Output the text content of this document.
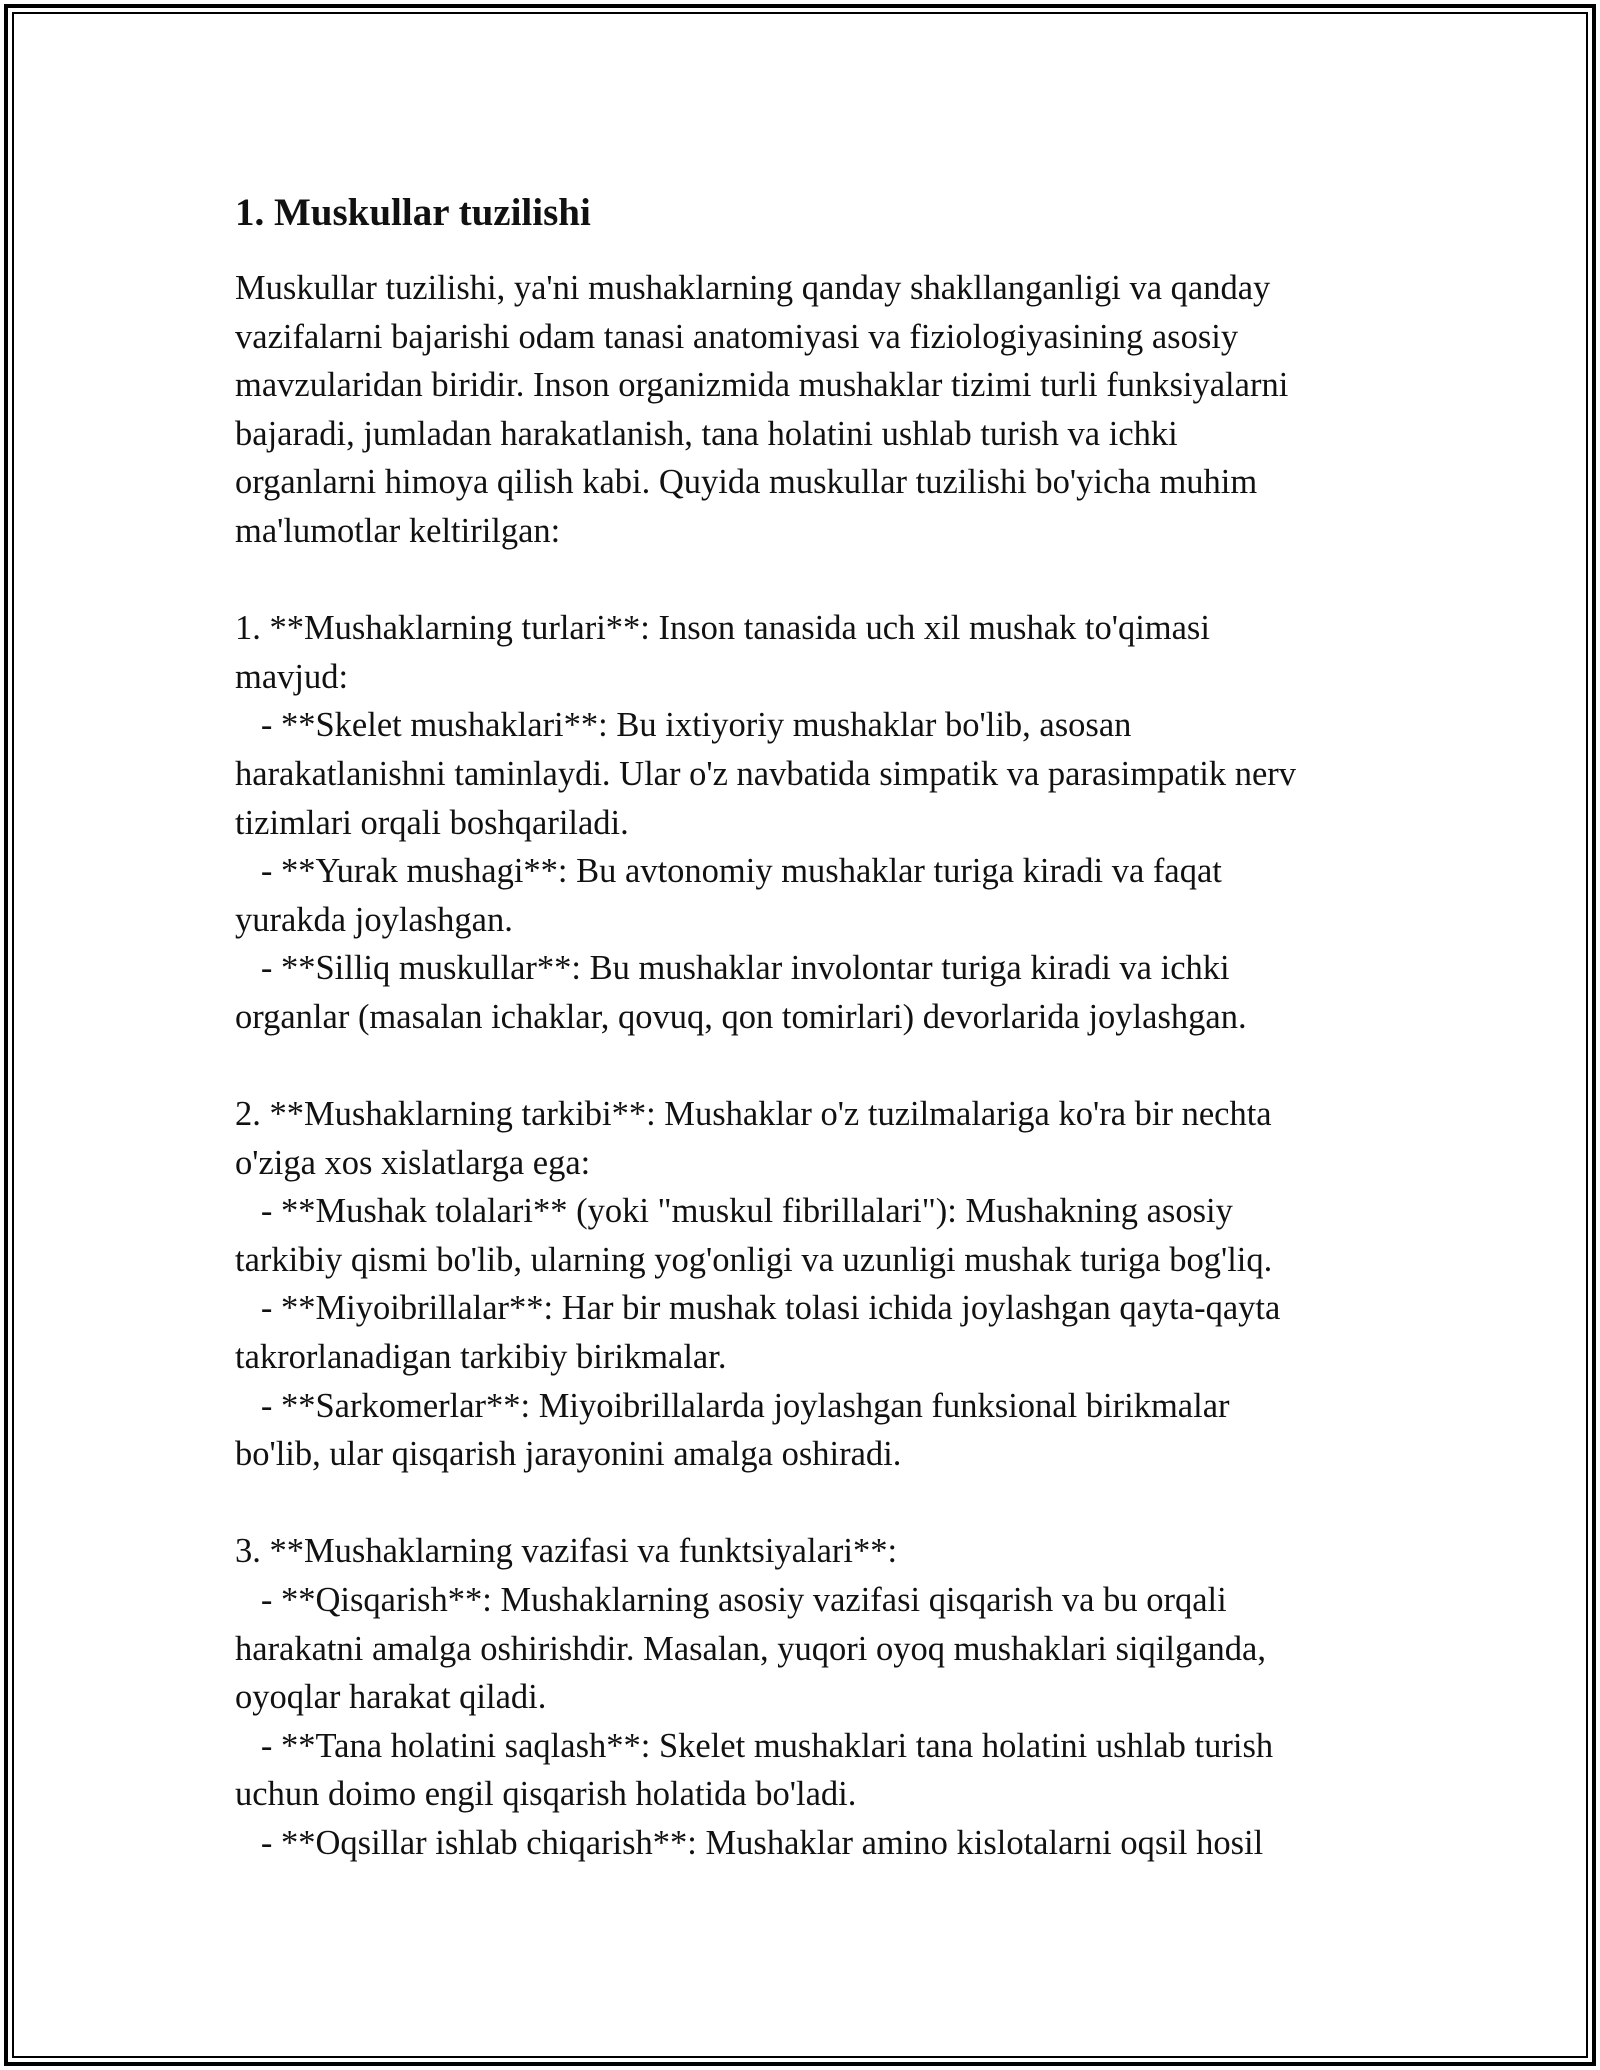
1. Muskullar tuzilishi
Muskullar tuzilishi, ya'ni mushaklarning qanday shakllanganligi va qanday
vazifalarni bajarishi odam tanasi anatomiyasi va fiziologiyasining asosiy
mavzularidan biridir. Inson organizmida mushaklar tizimi turli funksiyalarni
bajaradi, jumladan harakatlanish, tana holatini ushlab turish va ichki
organlarni himoya qilish kabi. Quyida muskullar tuzilishi bo'yicha muhim
ma'lumotlar keltirilgan:
1. **Mushaklarning turlari**: Inson tanasida uch xil mushak to'qimasi
mavjud:
- **Skelet mushaklari**: Bu ixtiyoriy mushaklar bo'lib, asosan
harakatlanishni taminlaydi. Ular o'z navbatida simpatik va parasimpatik nerv
tizimlari orqali boshqariladi.
- **Yurak mushagi**: Bu avtonomiy mushaklar turiga kiradi va faqat
yurakda joylashgan.
- **Silliq muskullar**: Bu mushaklar involontar turiga kiradi va ichki
organlar (masalan ichaklar, qovuq, qon tomirlari) devorlarida joylashgan.
2. **Mushaklarning tarkibi**: Mushaklar o'z tuzilmalariga ko'ra bir nechta
o'ziga xos xislatlarga ega:
- **Mushak tolalari** (yoki "muskul fibrillalari"): Mushakning asosiy
tarkibiy qismi bo'lib, ularning yog'onligi va uzunligi mushak turiga bog'liq.
- **Miyoibrillalar**: Har bir mushak tolasi ichida joylashgan qayta-qayta
takrorlanadigan tarkibiy birikmalar.
- **Sarkomerlar**: Miyoibrillalarda joylashgan funksional birikmalar
bo'lib, ular qisqarish jarayonini amalga oshiradi.
3. **Mushaklarning vazifasi va funktsiyalari**:
- **Qisqarish**: Mushaklarning asosiy vazifasi qisqarish va bu orqali
harakatni amalga oshirishdir. Masalan, yuqori oyoq mushaklari siqilganda,
oyoqlar harakat qiladi.
- **Tana holatini saqlash**: Skelet mushaklari tana holatini ushlab turish
uchun doimo engil qisqarish holatida bo'ladi.
- **Oqsillar ishlab chiqarish**: Mushaklar amino kislotalarni oqsil hosil
